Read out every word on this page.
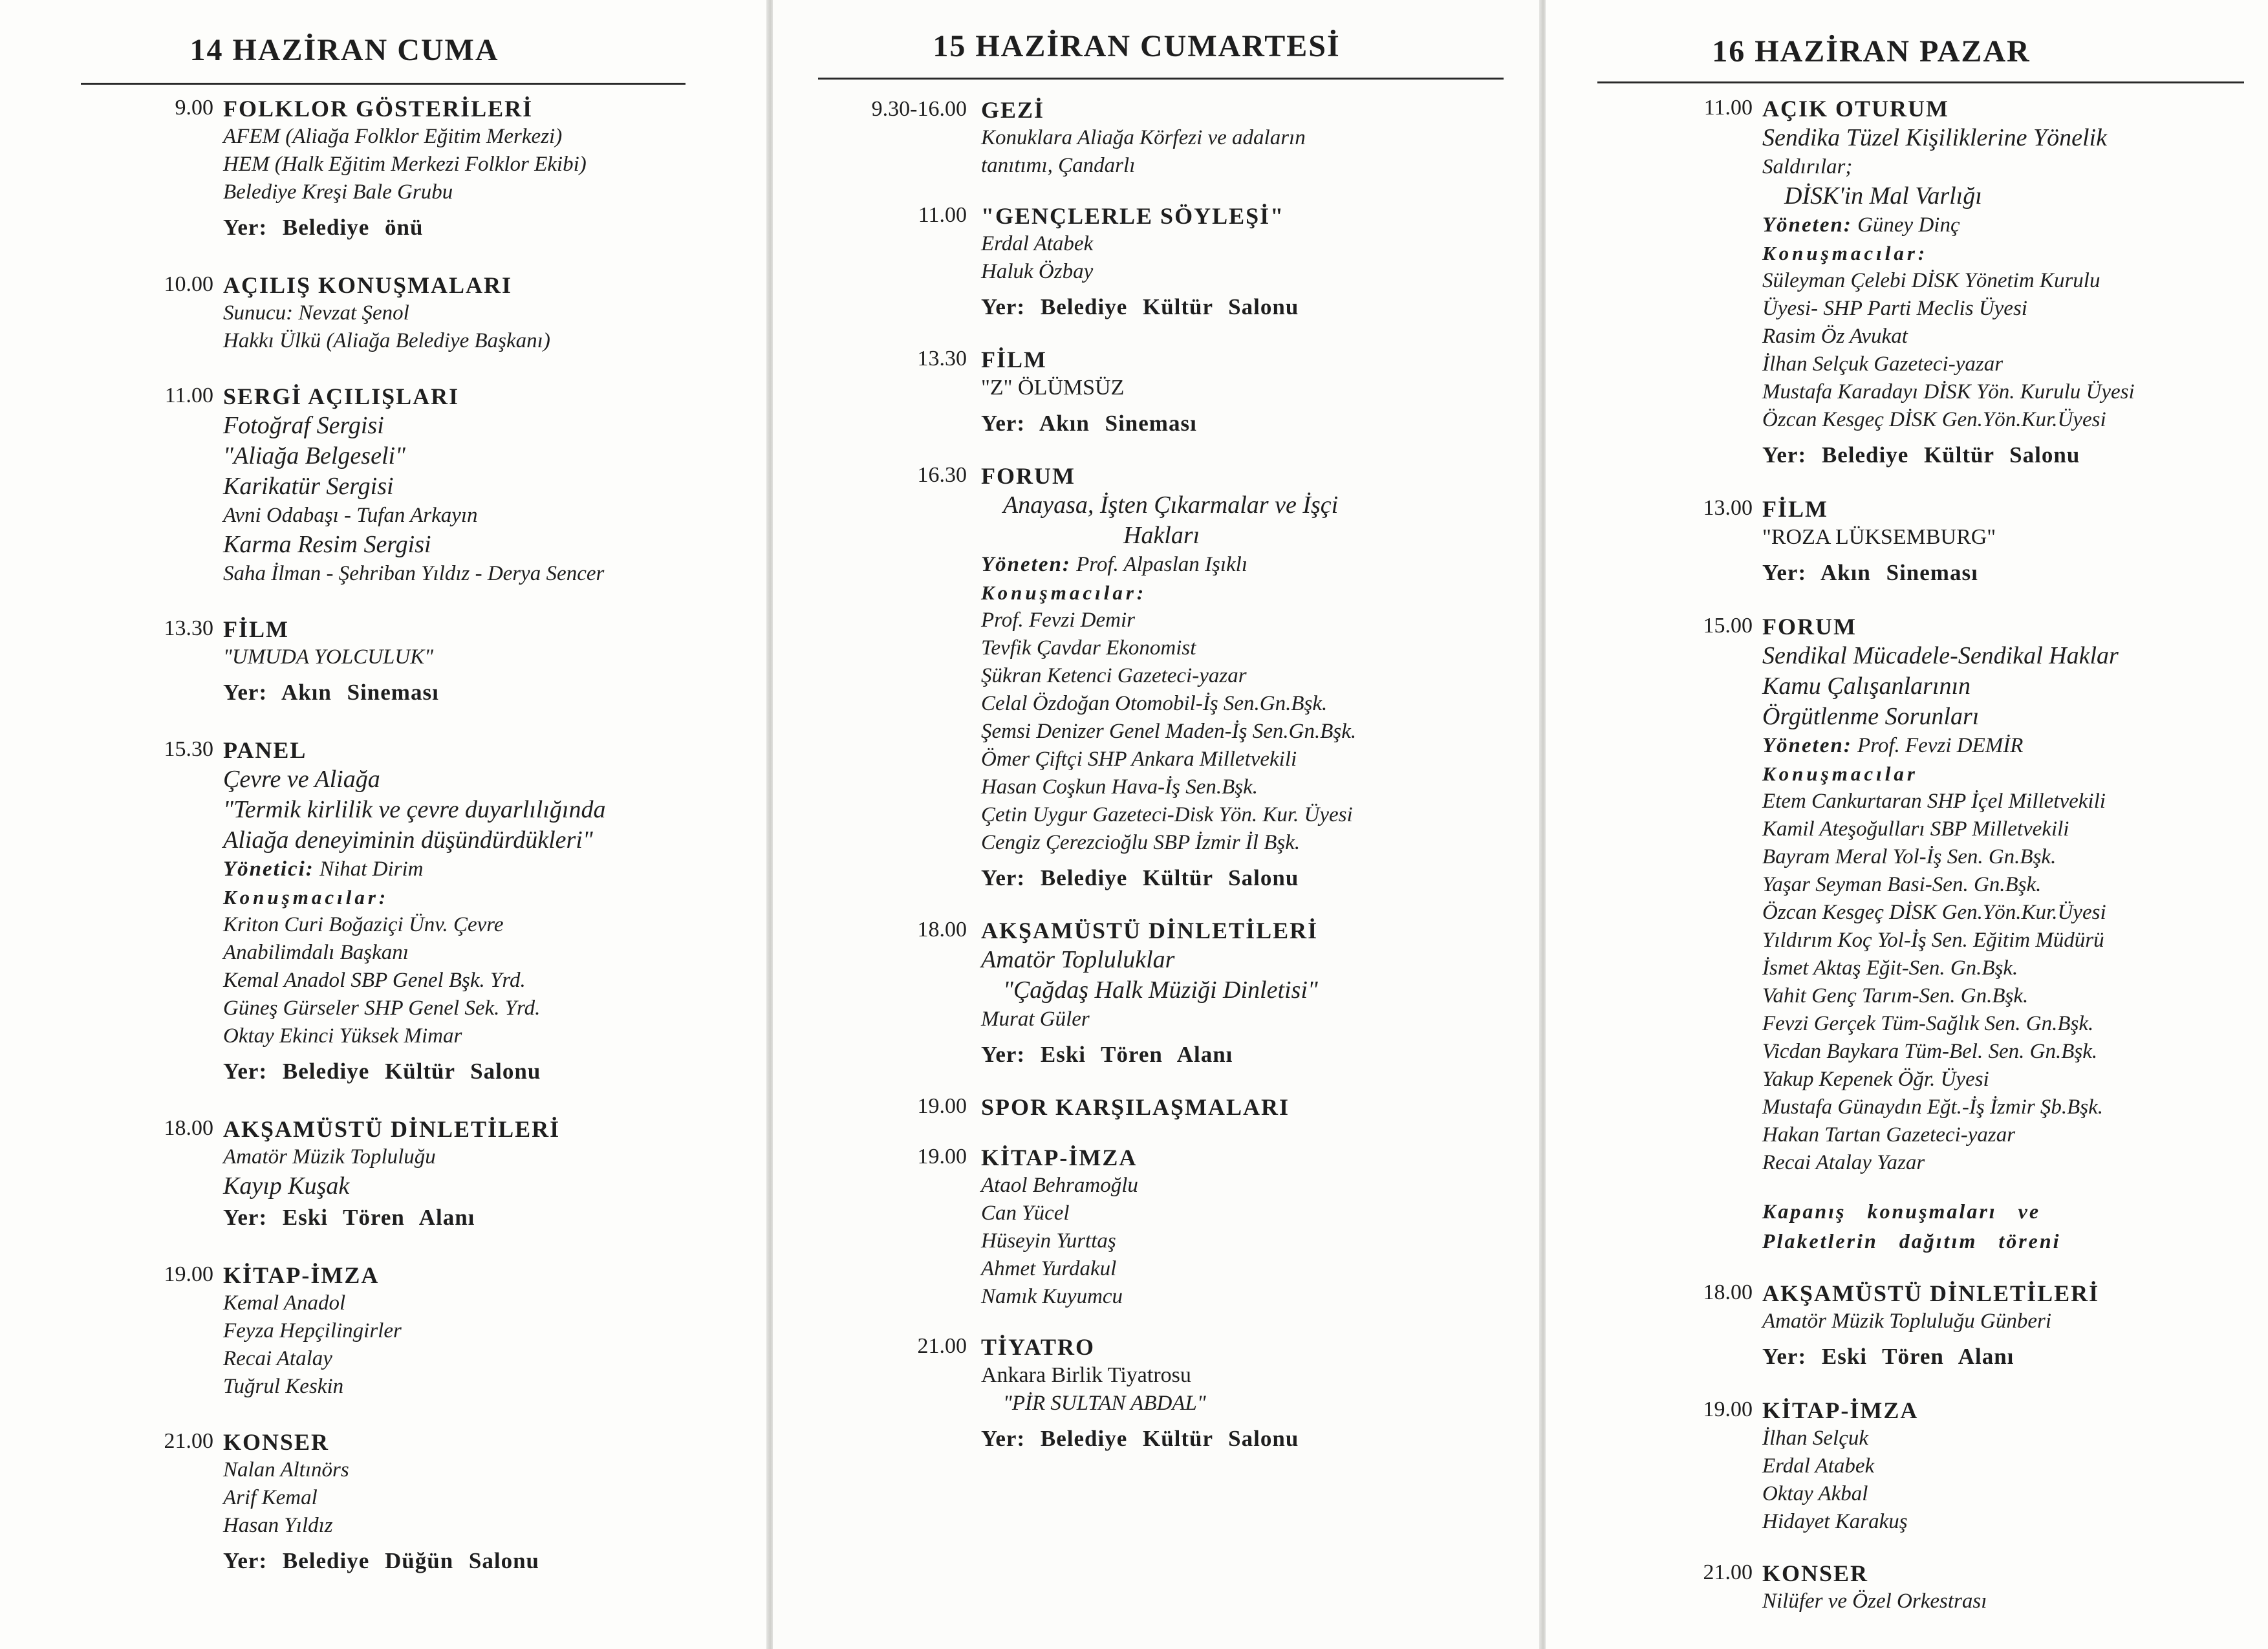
14 HAZİRAN CUMA
9.00 FOLKLOR GÖSTERİLERİ
AFEM (Aliağa Folklor Eğitim Merkezi)
HEM (Halk Eğitim Merkezi Folklor Ekibi)
Belediye Kreşi Bale Grubu
Yer: Belediye önü
10.00 AÇILIŞ KONUŞMALARI
Sunucu: Nevzat Şenol
Hakkı Ülkü (Aliağa Belediye Başkanı)
11.00 SERGİ AÇILIŞLARI
Fotoğraf Sergisi
"Aliağa Belgeseli"
Karikatür Sergisi
Avni Odabaşı - Tufan Arkayın
Karma Resim Sergisi
Saha İlman - Şehriban Yıldız - Derya Sencer
13.30 FİLM
"UMUDA YOLCULUK"
Yer: Akın Sineması
15.30 PANEL
Çevre ve Aliağa
"Termik kirlilik ve çevre duyarlılığında
Aliağa deneyiminin düşündürdükleri"
Yönetici: Nihat Dirim
Konuşmacılar:
Kriton Curi Boğaziçi Ünv. Çevre
Anabilimdalı Başkanı
Kemal Anadol SBP Genel Bşk. Yrd.
Güneş Gürseler SHP Genel Sek. Yrd.
Oktay Ekinci Yüksek Mimar
Yer: Belediye Kültür Salonu
18.00 AKŞAMÜSTÜ DİNLETİLERİ
Amatör Müzik Topluluğu
Kayıp Kuşak
Yer: Eski Tören Alanı
19.00 KİTAP-İMZA
Kemal Anadol
Feyza Hepçilingirler
Recai Atalay
Tuğrul Keskin
21.00 KONSER
Nalan Altınörs
Arif Kemal
Hasan Yıldız
Yer: Belediye Düğün Salonu
15 HAZİRAN CUMARTESİ
9.30-16.00 GEZİ
Konuklara Aliağa Körfezi ve adaların
tanıtımı, Çandarlı
11.00 "GENÇLERLE SÖYLEŞİ"
Erdal Atabek
Haluk Özbay
Yer: Belediye Kültür Salonu
13.30 FİLM
"Z" ÖLÜMSÜZ
Yer: Akın Sineması
16.30 FORUM
Anayasa, İşten Çıkarmalar ve İşçi
Hakları
Yöneten: Prof. Alpaslan Işıklı
Konuşmacılar:
Prof. Fevzi Demir
Tevfik Çavdar Ekonomist
Şükran Ketenci Gazeteci-yazar
Celal Özdoğan Otomobil-İş Sen.Gn.Bşk.
Şemsi Denizer Genel Maden-İş Sen.Gn.Bşk.
Ömer Çiftçi SHP Ankara Milletvekili
Hasan Coşkun Hava-İş Sen.Bşk.
Çetin Uygur Gazeteci-Disk Yön. Kur. Üyesi
Cengiz Çerezcioğlu SBP İzmir İl Bşk.
Yer: Belediye Kültür Salonu
18.00 AKŞAMÜSTÜ DİNLETİLERİ
Amatör Topluluklar
"Çağdaş Halk Müziği Dinletisi"
Murat Güler
Yer: Eski Tören Alanı
19.00 SPOR KARŞILAŞMALARI
19.00 KİTAP-İMZA
Ataol Behramoğlu
Can Yücel
Hüseyin Yurttaş
Ahmet Yurdakul
Namık Kuyumcu
21.00 TİYATRO
Ankara Birlik Tiyatrosu
"PİR SULTAN ABDAL"
Yer: Belediye Kültür Salonu
16 HAZİRAN PAZAR
11.00 AÇIK OTURUM
Sendika Tüzel Kişiliklerine Yönelik
Saldırılar;
DİSK'in Mal Varlığı
Yöneten: Güney Dinç
Konuşmacılar:
Süleyman Çelebi DİSK Yönetim Kurulu
Üyesi- SHP Parti Meclis Üyesi
Rasim Öz Avukat
İlhan Selçuk Gazeteci-yazar
Mustafa Karadayı DİSK Yön. Kurulu Üyesi
Özcan Kesgeç DİSK Gen.Yön.Kur.Üyesi
Yer: Belediye Kültür Salonu
13.00 FİLM
"ROZA LÜKSEMBURG"
Yer: Akın Sineması
15.00 FORUM
Sendikal Mücadele-Sendikal Haklar
Kamu Çalışanlarının
Örgütlenme Sorunları
Yöneten: Prof. Fevzi DEMİR
Konuşmacılar
Etem Cankurtaran SHP İçel Milletvekili
Kamil Ateşoğulları SBP Milletvekili
Bayram Meral Yol-İş Sen. Gn.Bşk.
Yaşar Seyman Basi-Sen. Gn.Bşk.
Özcan Kesgeç DİSK Gen.Yön.Kur.Üyesi
Yıldırım Koç Yol-İş Sen. Eğitim Müdürü
İsmet Aktaş Eğit-Sen. Gn.Bşk.
Vahit Genç Tarım-Sen. Gn.Bşk.
Fevzi Gerçek Tüm-Sağlık Sen. Gn.Bşk.
Vicdan Baykara Tüm-Bel. Sen. Gn.Bşk.
Yakup Kepenek Öğr. Üyesi
Mustafa Günaydın Eğt.-İş İzmir Şb.Bşk.
Hakan Tartan Gazeteci-yazar
Recai Atalay Yazar
Kapanış konuşmaları ve
Plaketlerin dağıtım töreni
18.00 AKŞAMÜSTÜ DİNLETİLERİ
Amatör Müzik Topluluğu Günberi
Yer: Eski Tören Alanı
19.00 KİTAP-İMZA
İlhan Selçuk
Erdal Atabek
Oktay Akbal
Hidayet Karakuş
21.00 KONSER
Nilüfer ve Özel Orkestrası
